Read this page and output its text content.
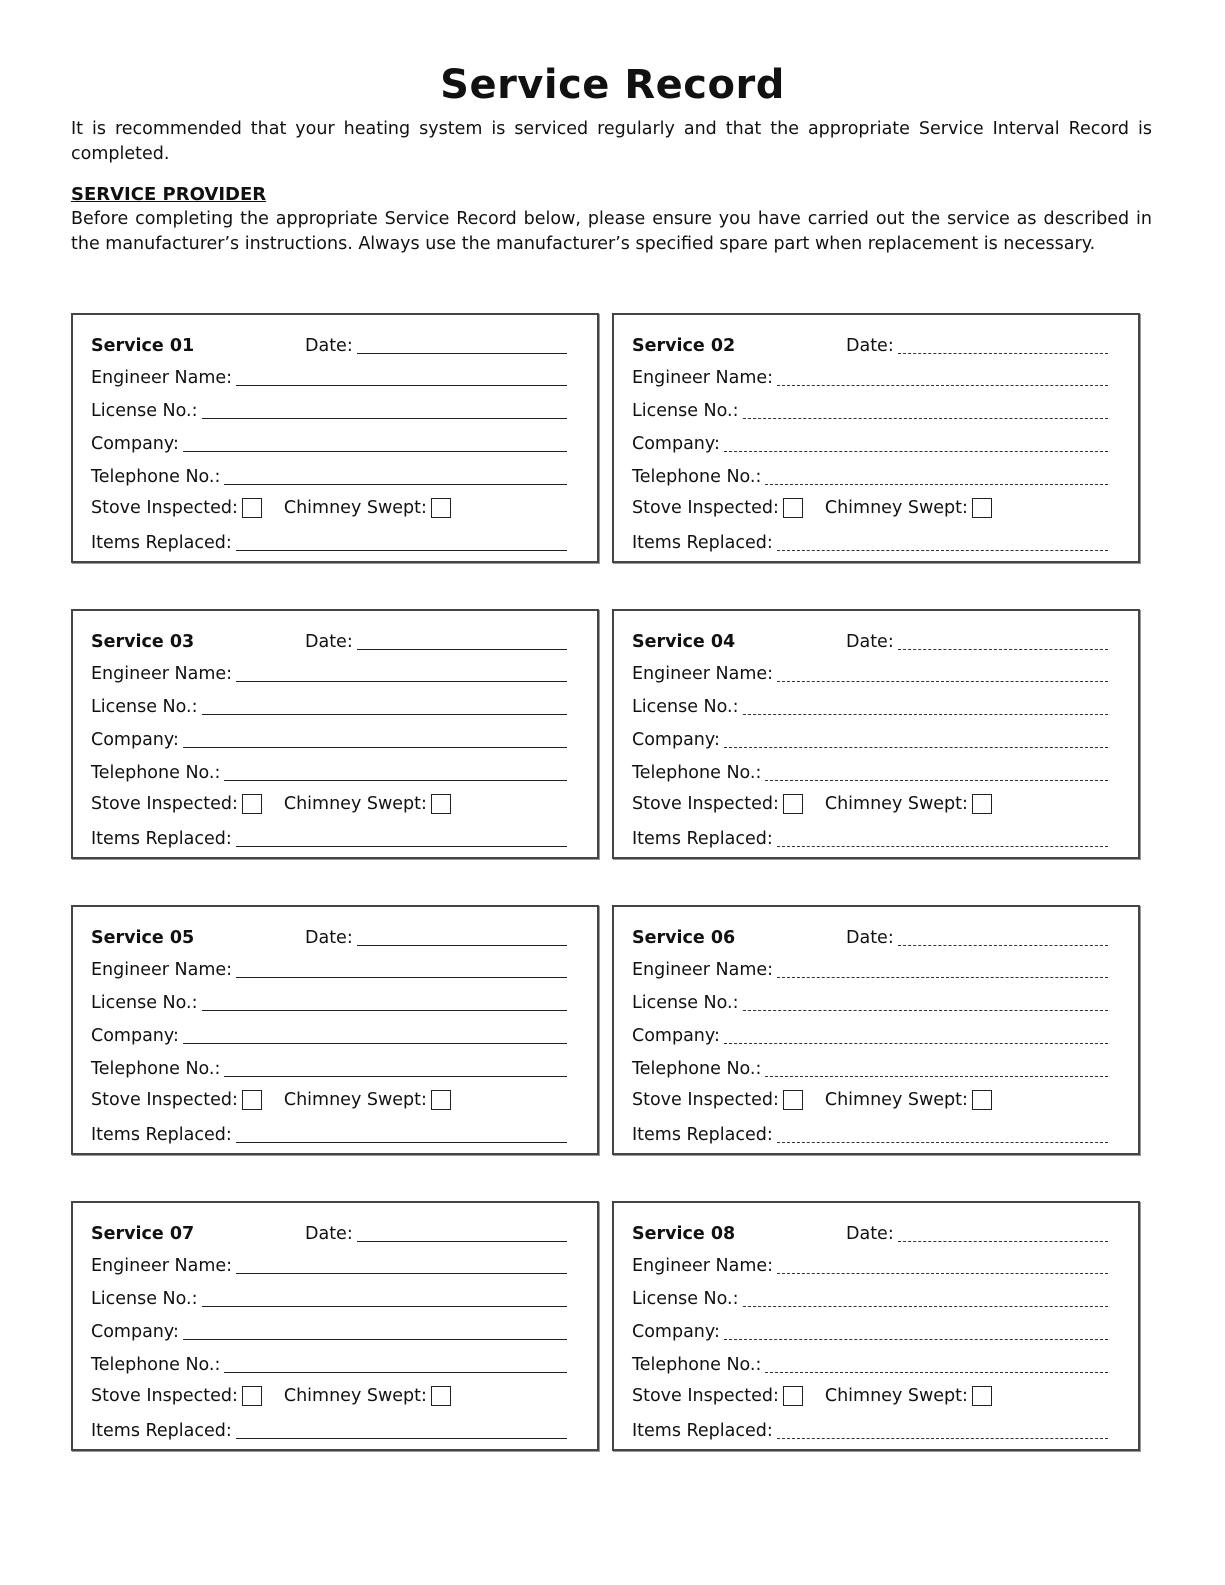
Service Record
It is recommended that your heating system is serviced regularly and that the appropriate Service Interval Record is completed.
SERVICE PROVIDER
Before completing the appropriate Service Record below, please ensure you have carried out the service as described in the manufacturer’s instructions. Always use the manufacturer’s specified spare part when replacement is necessary.
Service 01	Date:
Engineer Name:
License No.:
Company:
Telephone No.:
Stove Inspected:	Chimney Swept:
Items Replaced:
Service 02	Date:
Engineer Name:
License No.:
Company:
Telephone No.:
Stove Inspected:	Chimney Swept:
Items Replaced:
Service 03	Date:
Engineer Name:
License No.:
Company:
Telephone No.:
Stove Inspected:	Chimney Swept:
Items Replaced:
Service 04	Date:
Engineer Name:
License No.:
Company:
Telephone No.:
Stove Inspected:	Chimney Swept:
Items Replaced:
Service 05	Date:
Engineer Name:
License No.:
Company:
Telephone No.:
Stove Inspected:	Chimney Swept:
Items Replaced:
Service 06	Date:
Engineer Name:
License No.:
Company:
Telephone No.:
Stove Inspected:	Chimney Swept:
Items Replaced:
Service 07	Date:
Engineer Name:
License No.:
Company:
Telephone No.:
Stove Inspected:	Chimney Swept:
Items Replaced:
Service 08	Date:
Engineer Name:
License No.:
Company:
Telephone No.:
Stove Inspected:	Chimney Swept:
Items Replaced:
